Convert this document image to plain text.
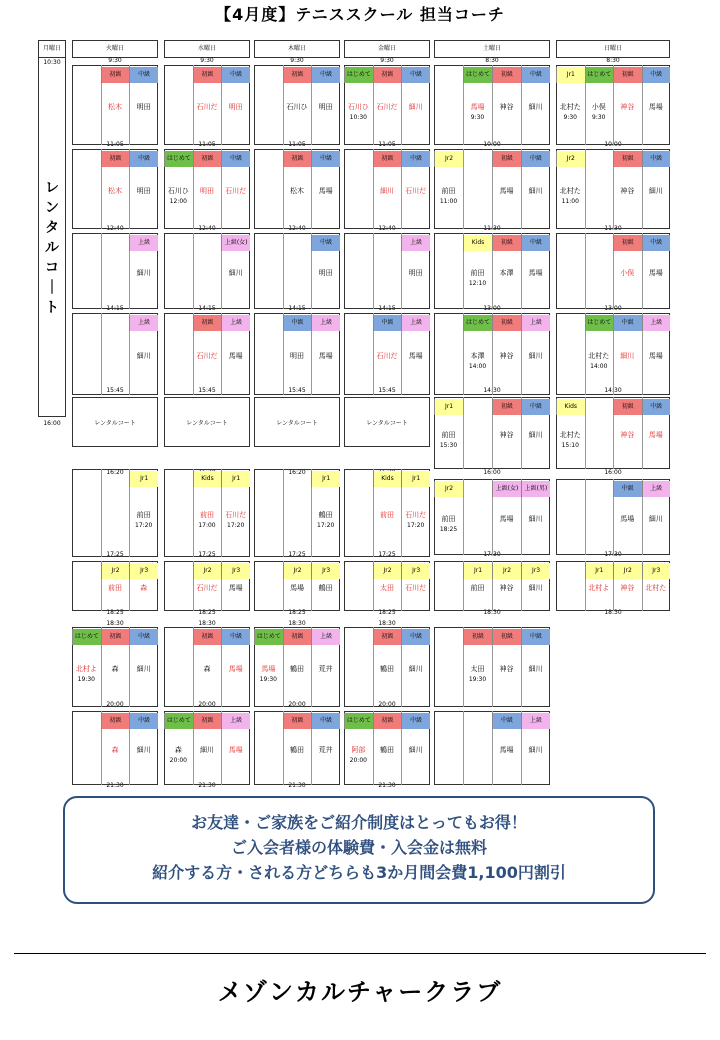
【4月度】テニススクール 担当コーチ
レ
ン
タ
ル
コ
｜
ト
月曜日
10:30
16:00
火曜日
9:30
11:05
12:40
14:15
15:45
16:20
17:25
18:25
18:30
20:00
21:30
初級
松木
中級
明田
初級
松木
中級
明田
上級
細川
上級
細川
レンタルコート
Jr1
前田
17:20
Jr2
前田
Jr3
森
はじめて
北村よ
19:30
初級
森
中級
細川
初級
森
中級
細川
水曜日
9:30
11:05
12:40
14:15
15:45
17:25
18:25
18:30
20:00
21:30
初級
石川だ
中級
明田
はじめて
石川ひ
12:00
初級
明田
中級
石川だ
上級(女)
細川
初級
石川だ
上級
馬場
レンタルコート
Kids
前田
17:00
Jr1
石川だ
17:20
Jr2
石川だ
Jr3
馬場
初級
森
中級
馬場
はじめて
森
20:00
初級
細川
上級
馬場
木曜日
9:30
11:05
12:40
14:15
15:45
16:20
17:25
18:25
18:30
20:00
21:30
初級
石川ひ
中級
明田
初級
松木
中級
馬場
中級
明田
中級
明田
上級
馬場
レンタルコート
Jr1
鶴田
17:20
Jr2
馬場
Jr3
鶴田
はじめて
馬場
19:30
初級
鶴田
上級
荒井
初級
鶴田
中級
荒井
金曜日
9:30
11:05
12:40
14:15
15:45
17:25
18:25
18:30
20:00
21:30
はじめて
石川ひ
10:30
初級
石川だ
中級
細川
初級
細川
中級
石川だ
上級
明田
中級
石川だ
上級
馬場
レンタルコート
Kids
前田
Jr1
石川だ
17:20
Jr2
太田
Jr3
石川だ
初級
鶴田
中級
細川
はじめて
阿部
20:00
初級
鶴田
中級
細川
土曜日
8:30
10:00
11:30
13:00
14:30
16:00
17:30
18:30
はじめて
馬場
9:30
初級
神谷
中級
細川
Jr2
前田
11:00
初級
馬場
中級
細川
Kids
前田
12:10
初級
本澤
中級
馬場
はじめて
本澤
14:00
初級
神谷
上級
細川
Jr1
前田
15:30
初級
神谷
中級
細川
Jr2
前田
18:25
上級(女)
馬場
上級(男)
細川
Jr1
前田
Jr2
神谷
Jr3
細川
初級
太田
19:30
初級
神谷
中級
細川
中級
馬場
上級
細川
日曜日
8:30
10:00
11:30
13:00
14:30
16:00
17:30
18:30
Jr1
北村た
9:30
はじめて
小俣
9:30
初級
神谷
中級
馬場
Jr2
北村た
11:00
初級
神谷
中級
細川
初級
小俣
中級
馬場
はじめて
北村た
14:00
中級
細川
上級
馬場
Kids
北村た
15:10
初級
神谷
中級
馬場
中級
馬場
上級
細川
Jr1
北村よ
Jr2
神谷
Jr3
北村た
お友達・ご家族をご紹介制度はとってもお得！
ご入会者様の体験費・入会金は無料
紹介する方・される方どちらも3か月間会費1,100円割引
メゾンカルチャークラブ
